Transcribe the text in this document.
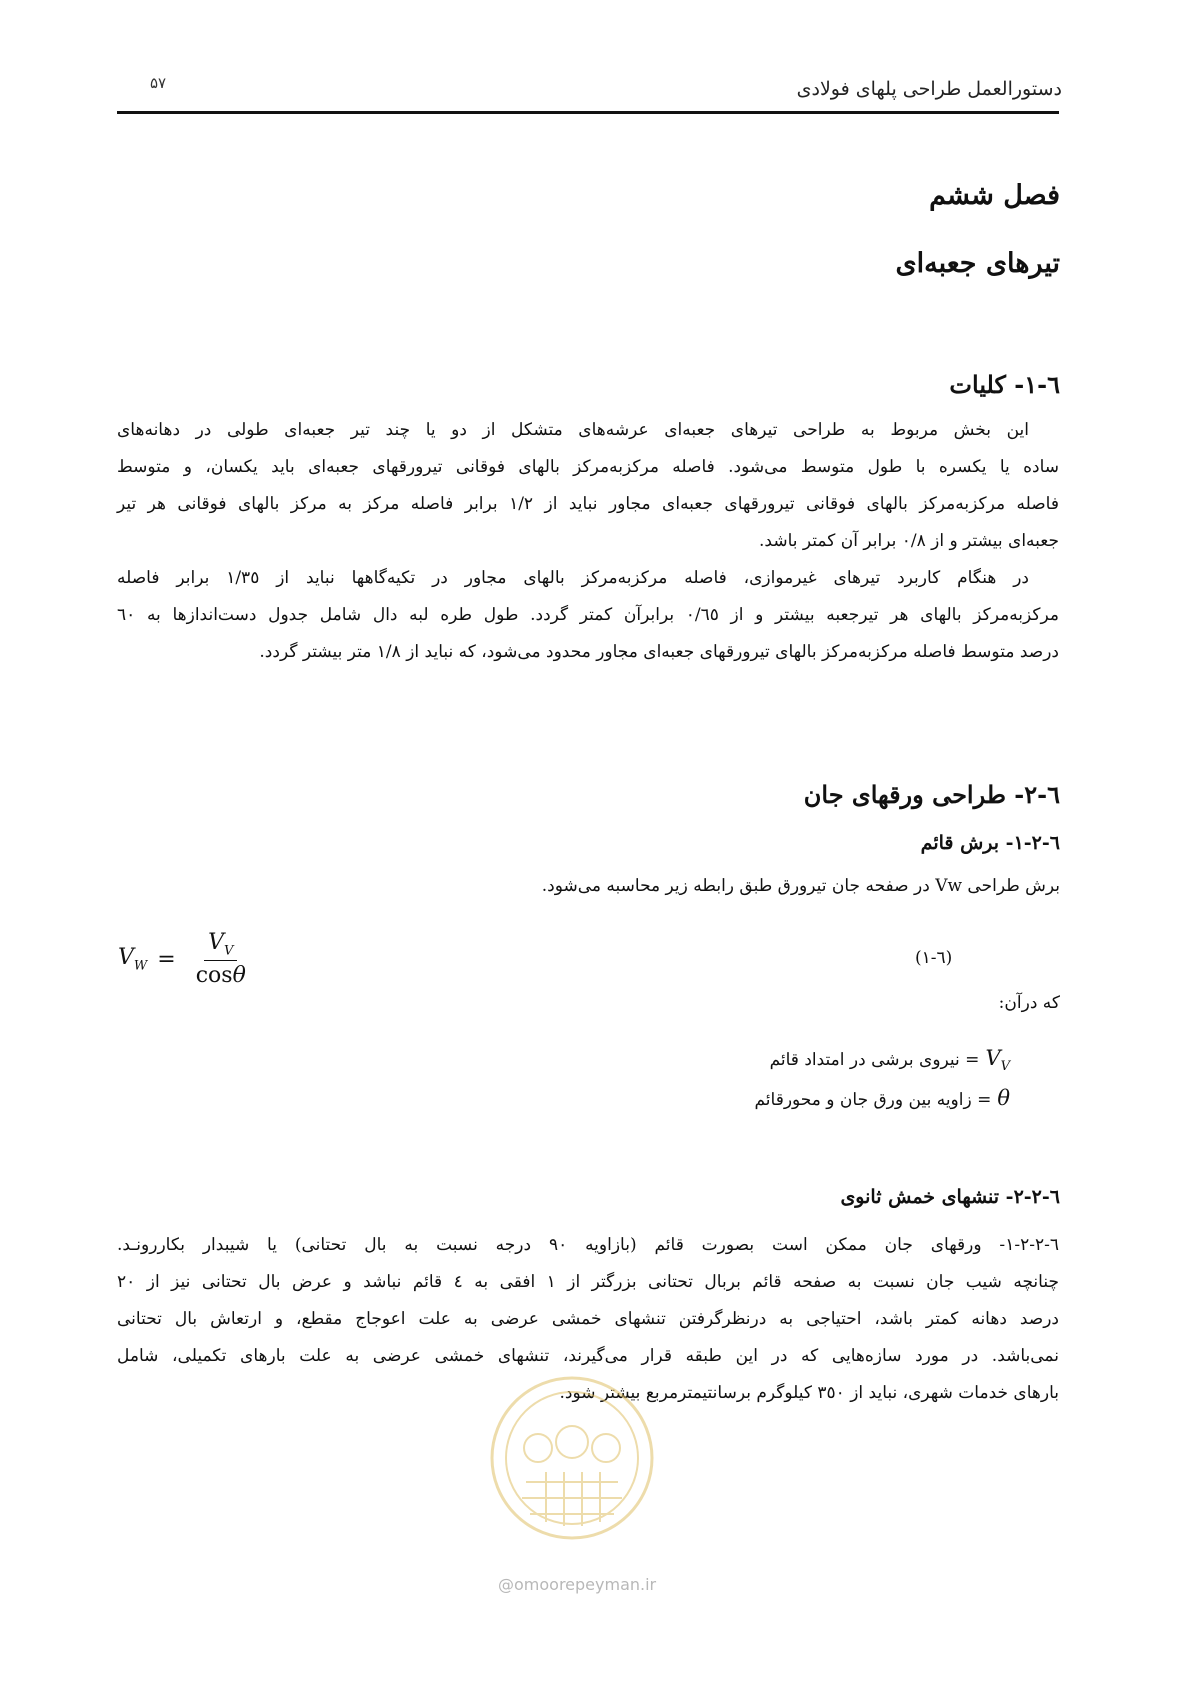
دستورالعمل طراحی پلهای فولادی
۵۷
فصل ششم
تیرهای جعبه‌ای
٦-١- کلیات
این بخش مربوط به طراحی تیرهای جعبه‌ای عرشه‌های متشکل از دو یا چند تیر جعبه‌ای طولی در دهانه‌های
ساده یا یکسره با طول متوسط می‌شود. فاصله مرکزبه‌مرکز بالهای فوقانی تیرورقهای جعبه‌ای باید یکسان، و متوسط
فاصله مرکزبه‌مرکز بالهای فوقانی تیرورقهای جعبه‌ای مجاور نباید از ١/٢ برابر فاصله مرکز به مرکز بالهای فوقانی هر تیر
جعبه‌ای بیشتر و از ٠/٨ برابر آن کمتر باشد.
در هنگام کاربرد تیرهای غیرموازی، فاصله مرکزبه‌مرکز بالهای مجاور در تکیه‌گاهها نباید از ١/٣٥ برابر فاصله
مرکزبه‌مرکز بالهای هر تیرجعبه بیشتر و از ٠/٦٥ برابرآن کمتر گردد. طول طره لبه دال شامل جدول دست‌اندازها به ٦٠
درصد متوسط فاصله مرکزبه‌مرکز بالهای تیرورقهای جعبه‌ای مجاور محدود می‌شود، که نباید از ١/٨ متر بیشتر گردد.
٦-٢- طراحی ورقهای جان
٦-٢-١- برش قائم
برش طراحی Vw در صفحه جان تیرورق طبق رابطه زیر محاسبه می‌شود.
$V_W = \frac{V_V}{\cos\theta}$	(٦-١)
که درآن:
$V_V$
= نیروی برشی در امتداد قائم
θ
= زاویه بین ورق جان و محورقائم
٦-٢-٢- تنشهای خمش ثانوی
٦-٢-٢-١- ورقهای جان ممکن است بصورت قائم (بازاویه ٩٠ درجه نسبت به بال تحتانی) یا شیبدار بکاررونـد.
چنانچه شیب جان نسبت به صفحه قائم بربال تحتانی بزرگتر از ١ افقی به ٤ قائم نباشد و عرض بال تحتانی نیز از ٢٠
درصد دهانه کمتر باشد، احتیاجی به درنظرگرفتن تنشهای خمشی عرضی به علت اعوجاج مقطع، و ارتعاش بال تحتانی
نمی‌باشد. در مورد سازه‌هایی که در این طبقه قرار می‌گیرند، تنشهای خمشی عرضی به علت بارهای تکمیلی، شامل
بارهای خدمات شهری، نباید از ٣٥٠ کیلوگرم برسانتیمترمربع بیشتر شود.
@omoorepeyman.ir
